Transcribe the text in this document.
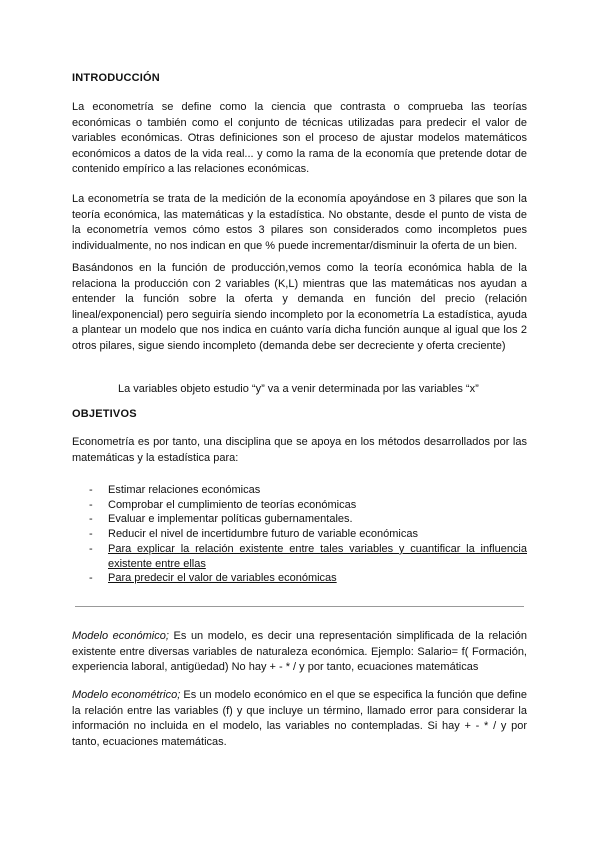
INTRODUCCIÓN

La econometría se define como la ciencia que contrasta o comprueba las teorías económicas o también como el conjunto de técnicas utilizadas para predecir el valor de variables económicas. Otras definiciones son el proceso de ajustar modelos matemáticos económicos a datos de la vida real... y como la rama de la economía que pretende dotar de contenido empírico a las relaciones económicas.

La econometría se trata de la medición de la economía apoyándose en 3 pilares que son la teoría económica, las matemáticas y la estadística. No obstante, desde el punto de vista de la econometría vemos cómo estos 3 pilares son considerados como incompletos pues individualmente, no nos indican en que % puede incrementar/disminuir la oferta de un bien.

Basándonos en la función de producción,vemos como la teoría económica habla de la relaciona la producción con 2 variables (K,L) mientras que las matemáticas nos ayudan a entender la función sobre la oferta y demanda en función del precio (relación lineal/exponencial) pero seguiría siendo incompleto por la econometría La estadística, ayuda a plantear un modelo que nos indica en cuánto varía dicha función aunque al igual que los 2 otros pilares, sigue siendo incompleto (demanda debe ser decreciente y oferta creciente)

La variables objeto estudio “y” va a venir determinada por las variables “x”

OBJETIVOS

Econometría es por tanto, una disciplina que se apoya en los métodos desarrollados por las matemáticas y la estadística para:

- Estimar relaciones económicas
- Comprobar el cumplimiento de teorías económicas
- Evaluar e implementar políticas gubernamentales.
- Reducir el nivel de incertidumbre futuro de variable económicas
- Para explicar la relación existente entre tales variables y cuantificar la influencia existente entre ellas
- Para predecir el valor de variables económicas

Modelo económico; Es un modelo, es decir una representación simplificada de la relación existente entre diversas variables de naturaleza económica. Ejemplo: Salario= f( Formación, experiencia laboral, antigüedad) No hay + - * / y por tanto, ecuaciones matemáticas

Modelo econométrico; Es un modelo económico en el que se especifica la función que define la relación entre las variables (f) y que incluye un término, llamado error para considerar la información no incluida en el modelo, las variables no contempladas. Si hay + - * / y por tanto, ecuaciones matemáticas.
